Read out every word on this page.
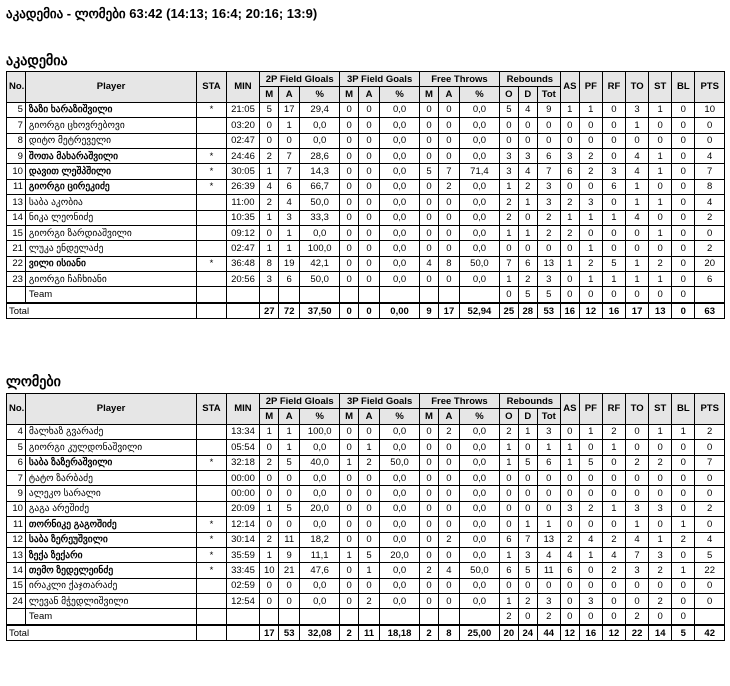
აკადემია - ლომები 63:42 (14:13; 16:4; 20:16; 13:9)
აკადემია
No.	Player	STA	MIN	2P Field Gloals			3P Field Goals			Free Throws			Rebounds			AS	PF	RF	TO	ST	BL	PTS
				M	A	%	M	A	%	M	A	%	O	D	Tot							
5	ზაზი ხარაზიშვილი	*	21:05	5	17	29,4	0	0	0,0	0	0	0,0	5	4	9	1	1	0	3	1	0	10
7	გიორგი ცხოვრებოვი		03:20	0	1	0,0	0	0	0,0	0	0	0,0	0	0	0	0	0	0	1	0	0	0
8	დიტო მეტრეველი		02:47	0	0	0,0	0	0	0,0	0	0	0,0	0	0	0	0	0	0	0	0	0	0
9	შოთა მახარაშვილი	*	24:46	2	7	28,6	0	0	0,0	0	0	0,0	3	3	6	3	2	0	4	1	0	4
10	დავით ლეშპშილი	*	30:05	1	7	14,3	0	0	0,0	5	7	71,4	3	4	7	6	2	3	4	1	0	7
11	გიორგი ცირეკიძე	*	26:39	4	6	66,7	0	0	0,0	0	2	0,0	1	2	3	0	0	6	1	0	0	8
13	საბა აკობია		11:00	2	4	50,0	0	0	0,0	0	0	0,0	2	1	3	2	3	0	1	1	0	4
14	ნიკა ლეონიძე		10:35	1	3	33,3	0	0	0,0	0	0	0,0	2	0	2	1	1	1	4	0	0	2
15	გიორგი ზარდიაშვილი		09:12	0	1	0,0	0	0	0,0	0	0	0,0	1	1	2	2	0	0	0	1	0	0
21	ლუკა ენდელაძე		02:47	1	1	100,0	0	0	0,0	0	0	0,0	0	0	0	0	1	0	0	0	0	2
22	ვილი ისიანი	*	36:48	8	19	42,1	0	0	0,0	4	8	50,0	7	6	13	1	2	5	1	2	0	20
23	გიორგი ჩაჩხიანი		20:56	3	6	50,0	0	0	0,0	0	0	0,0	1	2	3	0	1	1	1	1	0	6
	Team												0	5	5	0	0	0	0	0	0	
Total				27	72	37,50	0	0	0,00	9	17	52,94	25	28	53	16	12	16	17	13	0	63
ლომები
No.	Player	STA	MIN	2P Field Gloals			3P Field Goals			Free Throws			Rebounds			AS	PF	RF	TO	ST	BL	PTS
				M	A	%	M	A	%	M	A	%	O	D	Tot							
4	მალხაზ გვარაძე		13:34	1	1	100,0	0	0	0,0	0	2	0,0	2	1	3	0	1	2	0	1	1	2
5	გიორგი კულდონაშვილი		05:54	0	1	0,0	0	1	0,0	0	0	0,0	1	0	1	1	0	1	0	0	0	0
6	საბა ზაზერაშვილი	*	32:18	2	5	40,0	1	2	50,0	0	0	0,0	1	5	6	1	5	0	2	2	0	7
7	ტატო ზარბაძე		00:00	0	0	0,0	0	0	0,0	0	0	0,0	0	0	0	0	0	0	0	0	0	0
9	ალეკო სარალი		00:00	0	0	0,0	0	0	0,0	0	0	0,0	0	0	0	0	0	0	0	0	0	0
10	გაგა არეშიძე		20:09	1	5	20,0	0	0	0,0	0	0	0,0	0	0	0	3	2	1	3	3	0	2
11	თორნიკე გაგოშიძე	*	12:14	0	0	0,0	0	0	0,0	0	0	0,0	0	1	1	0	0	0	1	0	1	0
12	საბა ზერეუშვილი	*	30:14	2	11	18,2	0	0	0,0	0	2	0,0	6	7	13	2	4	2	4	1	2	4
13	ზექა ზექარი	*	35:59	1	9	11,1	1	5	20,0	0	0	0,0	1	3	4	4	1	4	7	3	0	5
14	თემო ზედელეინძე	*	33:45	10	21	47,6	0	1	0,0	2	4	50,0	6	5	11	6	0	2	3	2	1	22
15	ირაკლი ქაჯთარაძე		02:59	0	0	0,0	0	0	0,0	0	0	0,0	0	0	0	0	0	0	0	0	0	0
24	ლევან მჭედლიშვილი		12:54	0	0	0,0	0	2	0,0	0	0	0,0	1	2	3	0	3	0	0	2	0	0
	Team												2	0	2	0	0	0	2	0	0	
Total				17	53	32,08	2	11	18,18	2	8	25,00	20	24	44	12	16	12	22	14	5	42
